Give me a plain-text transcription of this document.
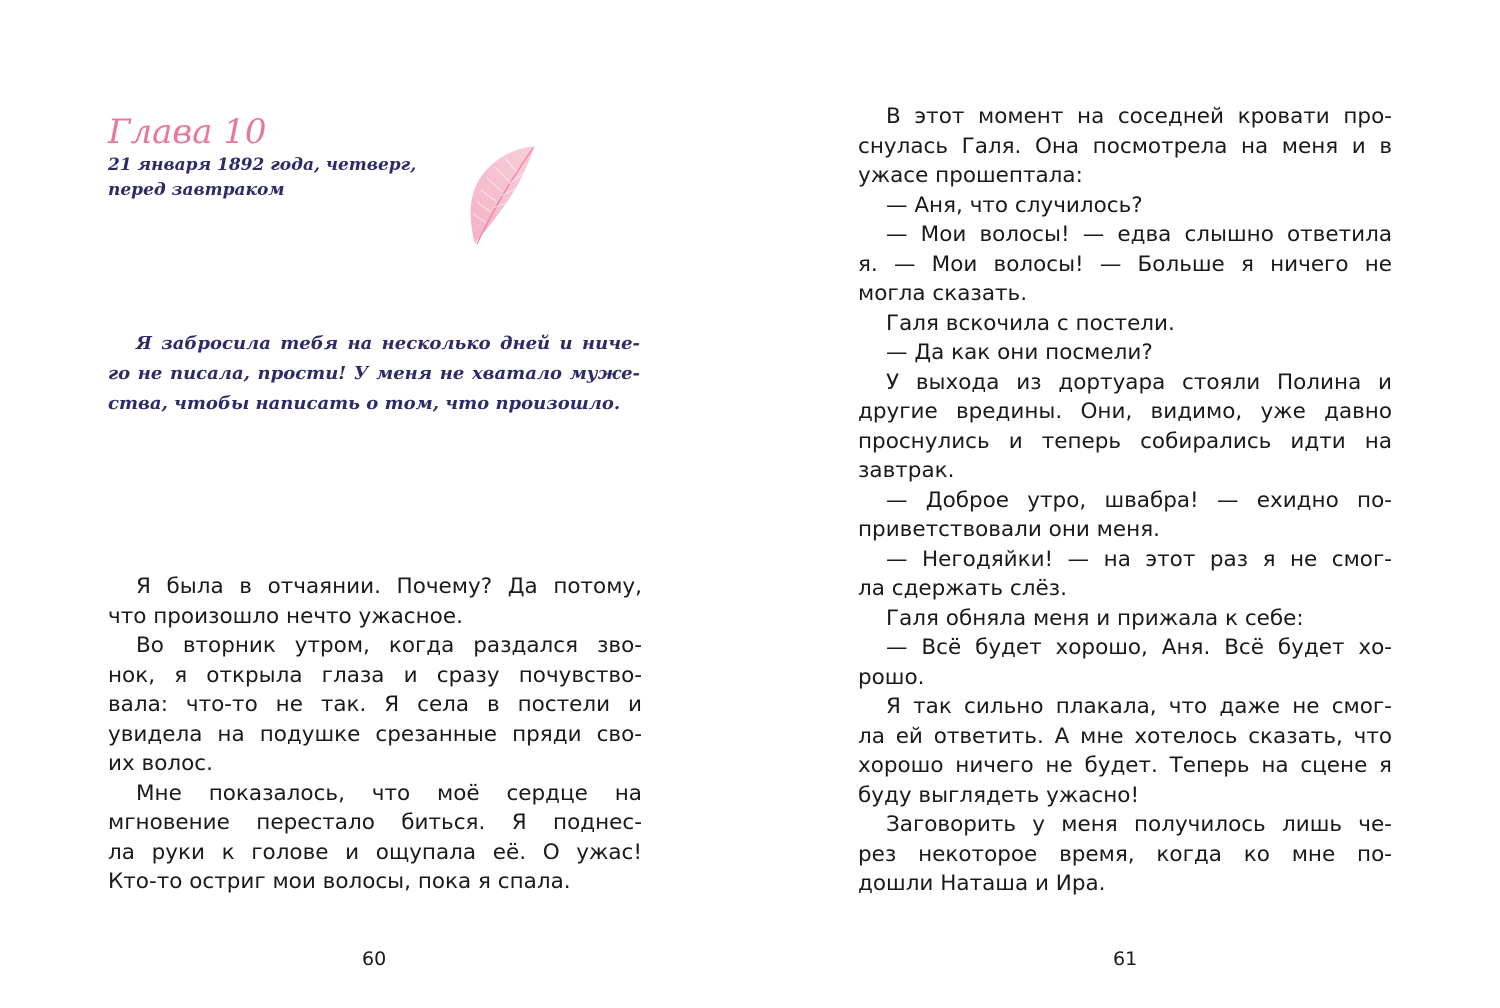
Глава 10
21 января 1892 года, четверг,
перед завтраком
Я забросила тебя на несколько дней и ниче-
го не писала, прости! У меня не хватало муже-
ства, чтобы написать о том, что произошло.
Я была в отчаянии. Почему? Да потому,
что произошло нечто ужасное.
Во вторник утром, когда раздался зво-
нок, я открыла глаза и сразу почувство-
вала: что-то не так. Я села в постели и
увидела на подушке срезанные пряди сво-
их волос.
Мне показалось, что моё сердце на
мгновение перестало биться. Я поднес-
ла руки к голове и ощупала её. О ужас!
Кто-то остриг мои волосы, пока я спала.
60
В этот момент на соседней кровати про-
снулась Галя. Она посмотрела на меня и в
ужасе прошептала:
— Аня, что случилось?
— Мои волосы! — едва слышно ответила
я. — Мои волосы! — Больше я ничего не
могла сказать.
Галя вскочила с постели.
— Да как они посмели?
У выхода из дортуара стояли Полина и
другие вредины. Они, видимо, уже давно
проснулись и теперь собирались идти на
завтрак.
— Доброе утро, швабра! — ехидно по-
приветствовали они меня.
— Негодяйки! — на этот раз я не смог-
ла сдержать слёз.
Галя обняла меня и прижала к себе:
— Всё будет хорошо, Аня. Всё будет хо-
рошо.
Я так сильно плакала, что даже не смог-
ла ей ответить. А мне хотелось сказать, что
хорошо ничего не будет. Теперь на сцене я
буду выглядеть ужасно!
Заговорить у меня получилось лишь че-
рез некоторое время, когда ко мне по-
дошли Наташа и Ира.
61
